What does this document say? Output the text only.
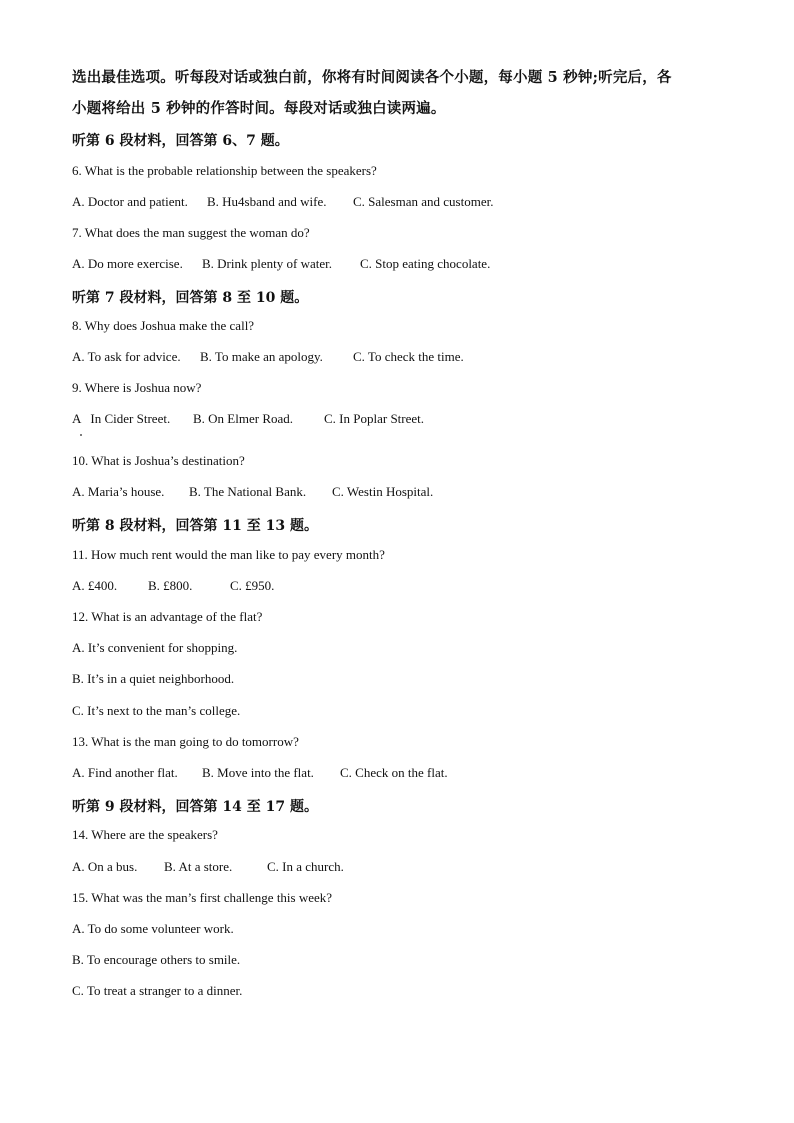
选出最佳选项。听每段对话或独白前，你将有时间阅读各个小题，每小题 5 秒钟;听完后，各
小题将给出 5 秒钟的作答时间。每段对话或独白读两遍。
听第 6 段材料，回答第 6、7 题。
6. What is the probable relationship between the speakers?
A. Doctor and patient. B. Hu4sband and wife. C. Salesman and customer.
7. What does the man suggest the woman do?
A. Do more exercise. B. Drink plenty of water. C. Stop eating chocolate.
听第 7 段材料，回答第 8 至 10 题。
8. Why does Joshua make the call?
A. To ask for advice. B. To make an apology. C. To check the time.
9. Where is Joshua now?
A   In Cider Street. B. On Elmer Road. C. In Poplar Street.
10. What is Joshua’s destination?
A. Maria’s house. B. The National Bank. C. Westin Hospital.
听第 8 段材料，回答第 11 至 13 题。
11. How much rent would the man like to pay every month?
A. £400. B. £800.	C. £950.
12. What is an advantage of the flat?
A. It’s convenient for shopping.
B. It’s in a quiet neighborhood.
C. It’s next to the man’s college.
13. What is the man going to do tomorrow?
A. Find another flat. B. Move into the flat. C. Check on the flat.
听第 9 段材料，回答第 14 至 17 题。
14. Where are the speakers?
A. On a bus. B. At a store.	C. In a church.
15. What was the man’s first challenge this week?
A. To do some volunteer work.
B. To encourage others to smile.
C. To treat a stranger to a dinner.
